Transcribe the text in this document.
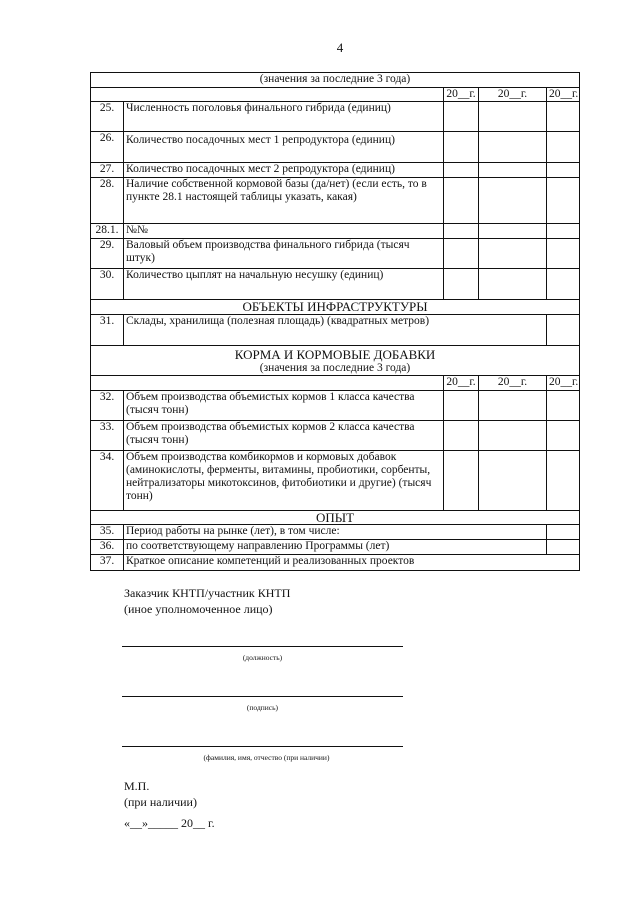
4
(значения за последние 3 года)				
		20__г.	20__г.	20__г.
25.	Численность поголовья финального гибрида (единиц)			
26.	Количество посадочных мест 1 репродуктора (единиц)			
27.	Количество посадочных мест 2 репродуктора (единиц)			
28.	Наличие собственной кормовой базы (да/нет) (если есть, то в пункте 28.1 настоящей таблицы указать, какая)			
28.1.	№№			
29.	Валовый объем производства финального гибрида (тысяч штук)			
30.	Количество цыплят на начальную несушку (единиц)			
ОБЪЕКТЫ ИНФРАСТРУКТУРЫ				
31.	Склады, хранилища (полезная площадь) (квадратных метров)			

КОРМА И КОРМОВЫЕ ДОБАВКИ
(значения за последние 3 года)				

		20__г.	20__г.	20__г.
32.	Объем производства объемистых кормов 1 класса качества (тысяч тонн)			
33.	Объем производства объемистых кормов 2 класса качества (тысяч тонн)			
34.	Объем производства комбикормов и кормовых добавок (аминокислоты, ферменты, витамины, пробиотики, сорбенты, нейтрализаторы микотоксинов, фитобиотики и другие) (тысяч тонн)			
ОПЫТ				
35.	Период работы на рынке (лет), в том числе:			
36.	по соответствующему направлению Программы (лет)			
37.	Краткое описание компетенций и реализованных проектов			
Заказчик КНТП/участник КНТП
(иное уполномоченное лицо)
(должность)
(подпись)
(фамилия, имя, отчество (при наличии)
М.П.
(при наличии)
«__»_____ 20__ г.
